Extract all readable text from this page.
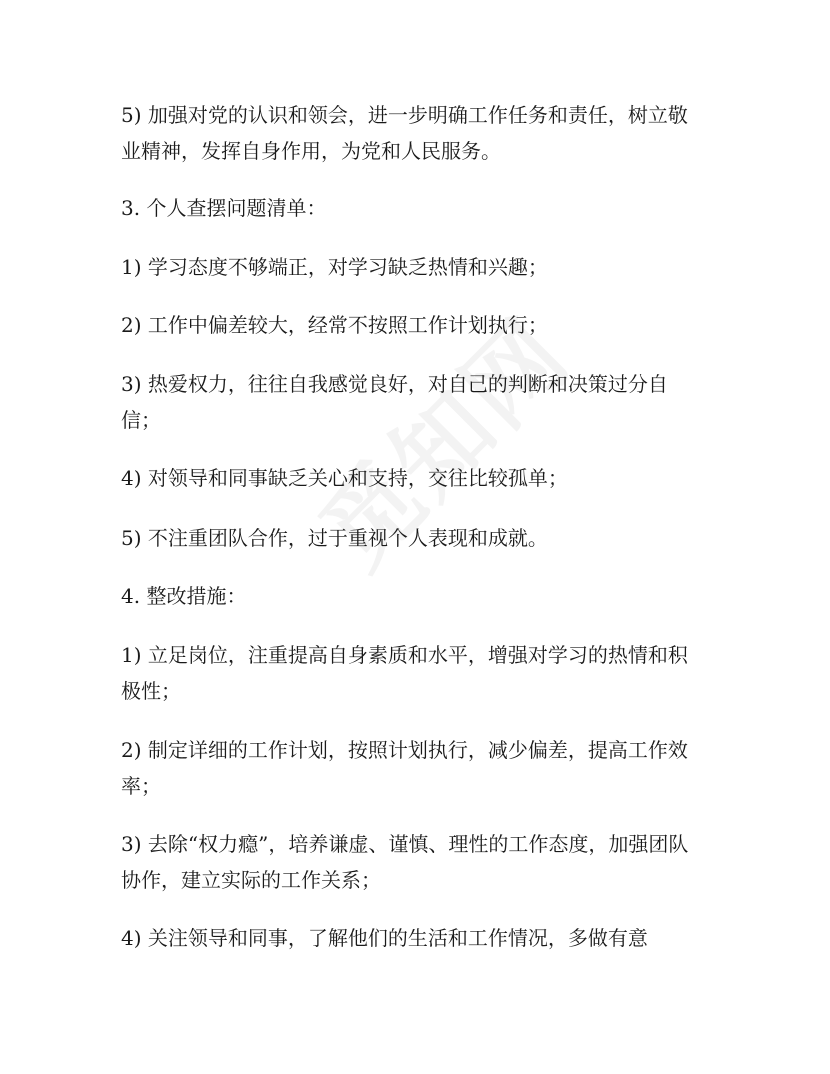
5) 加强对党的认识和领会，进一步明确工作任务和责任，树立敬业精神，发挥自身作用，为党和人民服务。

3. 个人查摆问题清单：

1) 学习态度不够端正，对学习缺乏热情和兴趣；

2) 工作中偏差较大，经常不按照工作计划执行；

3) 热爱权力，往往自我感觉良好，对自己的判断和决策过分自信；

4) 对领导和同事缺乏关心和支持，交往比较孤单；

5) 不注重团队合作，过于重视个人表现和成就。

4. 整改措施：

1) 立足岗位，注重提高自身素质和水平，增强对学习的热情和积极性；

2) 制定详细的工作计划，按照计划执行，减少偏差，提高工作效率；

3) 去除“权力瘾”，培养谦虚、谨慎、理性的工作态度，加强团队协作，建立实际的工作关系；

4) 关注领导和同事，了解他们的生活和工作情况，多做有意
